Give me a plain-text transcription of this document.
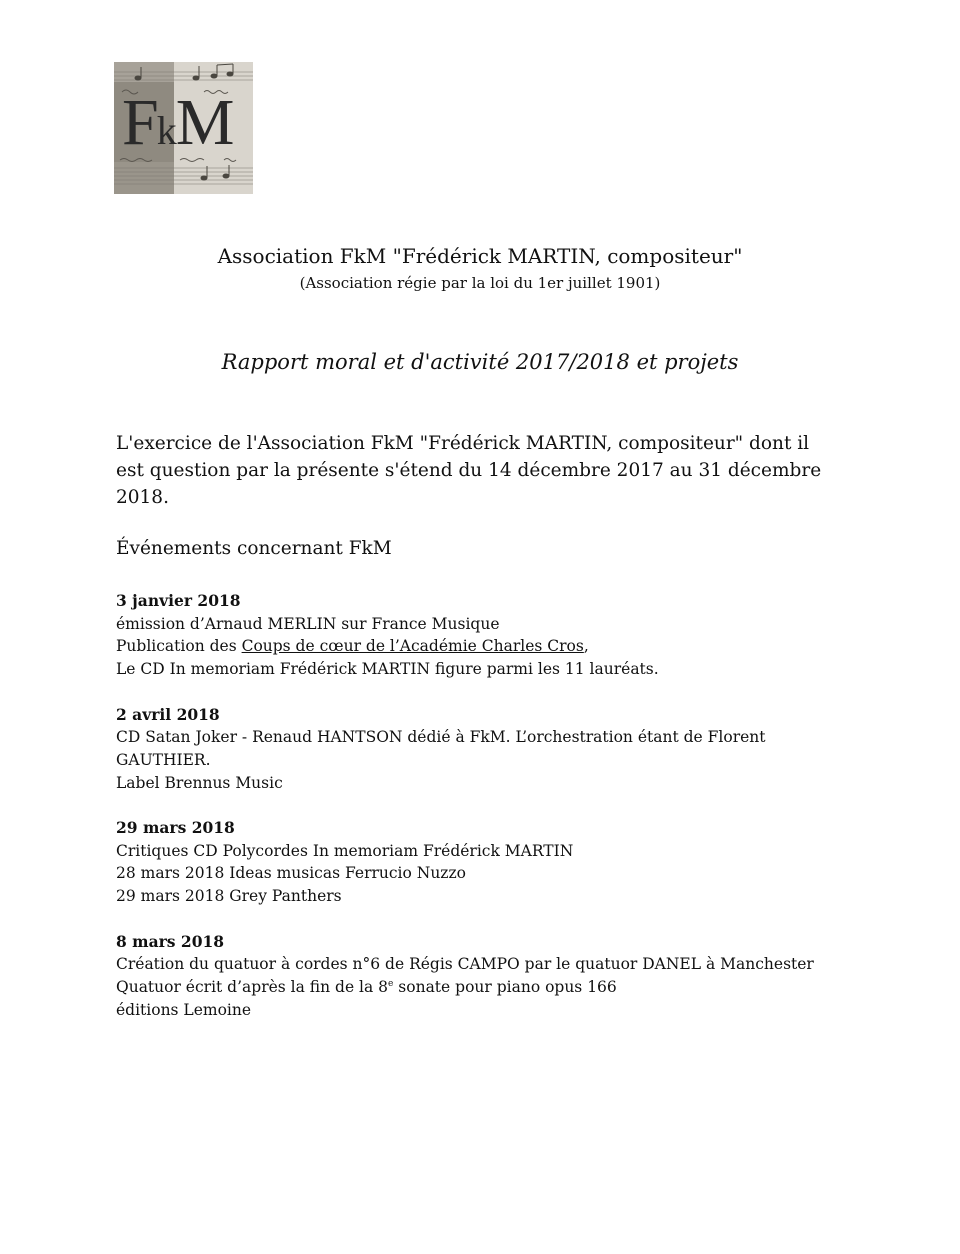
FkM
Association FkM "Frédérick MARTIN, compositeur"
(Association régie par la loi du 1er juillet 1901)
Rapport moral et d'activité 2017/2018 et projets
L'exercice de l'Association FkM "Frédérick MARTIN, compositeur" dont il
est question par la présente s'étend du 14 décembre 2017 au 31 décembre
2018.
Événements concernant FkM
3 janvier 2018
émission d’Arnaud MERLIN sur France Musique
Publication des Coups de cœur de l’Académie Charles Cros,
Le CD In memoriam Frédérick MARTIN figure parmi les 11 lauréats.
2 avril 2018
CD Satan Joker - Renaud HANTSON dédié à FkM. L’orchestration étant de Florent
GAUTHIER.
Label Brennus Music
29 mars 2018
Critiques CD Polycordes In memoriam Frédérick MARTIN
28 mars 2018 Ideas musicas Ferrucio Nuzzo
29 mars 2018 Grey Panthers
8 mars 2018
Création du quatuor à cordes n°6 de Régis CAMPO par le quatuor DANEL à Manchester
Quatuor écrit d’après la fin de la 8e sonate pour piano opus 166
éditions Lemoine
